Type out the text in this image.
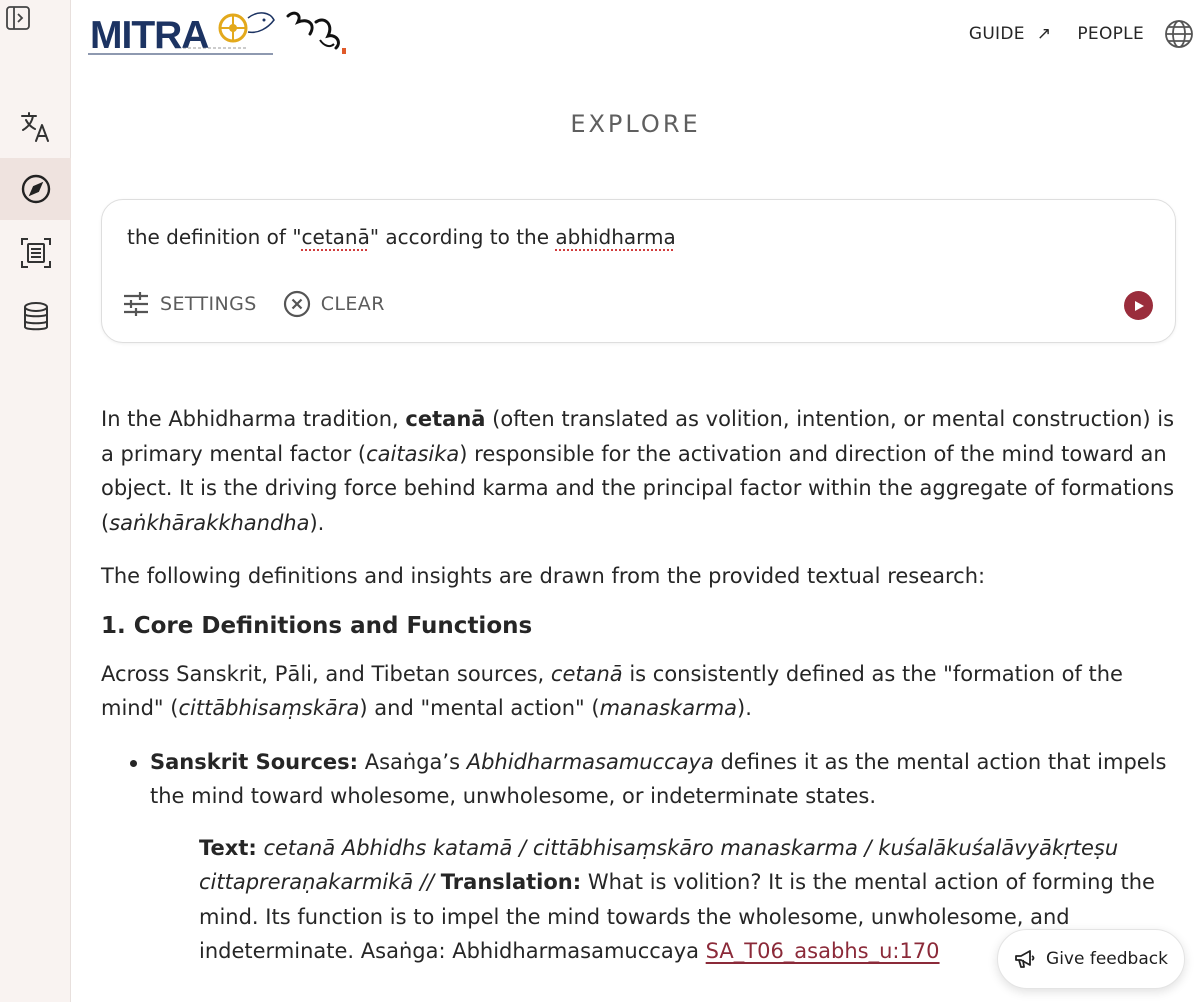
MITRA	GUIDE ↗ PEOPLE
EXPLORE
the definition of "cetanā" according to the abhidharma
SETTINGS	CLEAR

In the Abhidharma tradition, cetanā (often translated as volition, intention, or mental construction) is a primary mental factor (caitasika) responsible for the activation and direction of the mind toward an object. It is the driving force behind karma and the principal factor within the aggregate of formations (saṅkhārakkhandha).

The following definitions and insights are drawn from the provided textual research:

1. Core Definitions and Functions

Across Sanskrit, Pāli, and Tibetan sources, cetanā is consistently defined as the "formation of the mind" (cittābhisaṃskāra) and "mental action" (manaskarma).

Sanskrit Sources: Asaṅga’s Abhidharmasamuccaya defines it as the mental action that impels the mind toward wholesome, unwholesome, or indeterminate states.
Text: cetanā Abhidhs katamā / cittābhisaṃskāro manaskarma / kuśalākuśalāvyākṛteṣu cittapreraṇakarmikā // Translation: What is volition? It is the mental action of forming the mind. Its function is to impel the mind towards the wholesome, unwholesome, and indeterminate. Asaṅga: Abhidharmasamuccaya SA_T06_asabhs_u:170	Give feedback
